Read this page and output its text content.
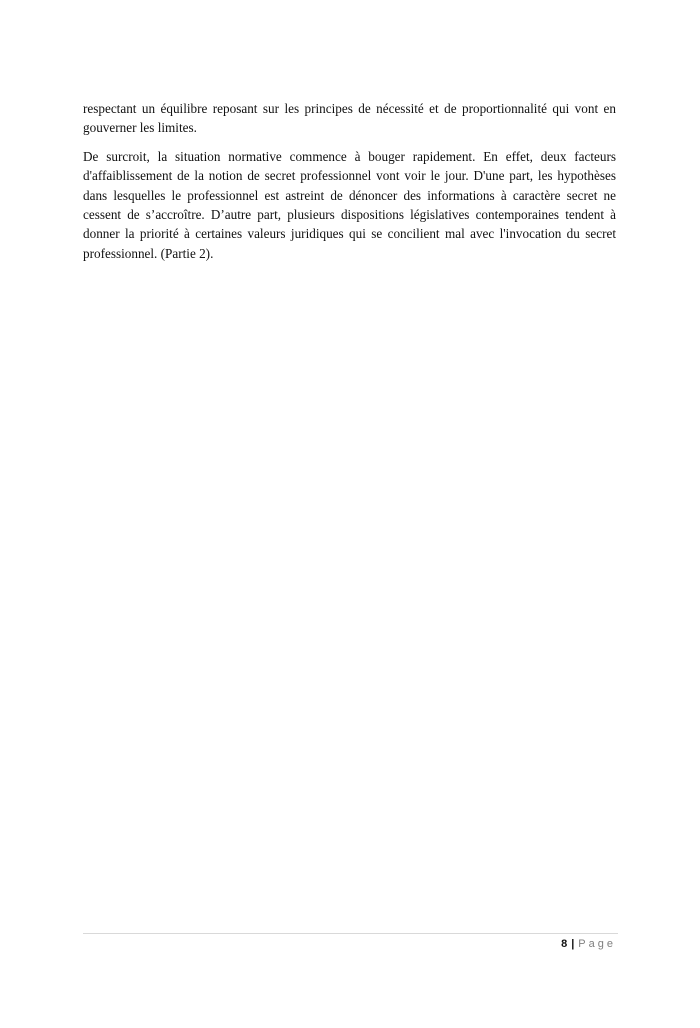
respectant un équilibre reposant sur les principes de nécessité et de proportionnalité qui vont en gouverner les limites.

De surcroit, la situation normative commence à bouger rapidement. En effet, deux facteurs d'affaiblissement de la notion de secret professionnel vont voir le jour. D'une part, les hypothèses dans lesquelles le professionnel est astreint de dénoncer des informations à caractère secret ne cessent de s’accroître. D’autre part, plusieurs dispositions législatives contemporaines tendent à donner la priorité à certaines valeurs juridiques qui se concilient mal avec l'invocation du secret professionnel. (Partie 2).

8 | Page
